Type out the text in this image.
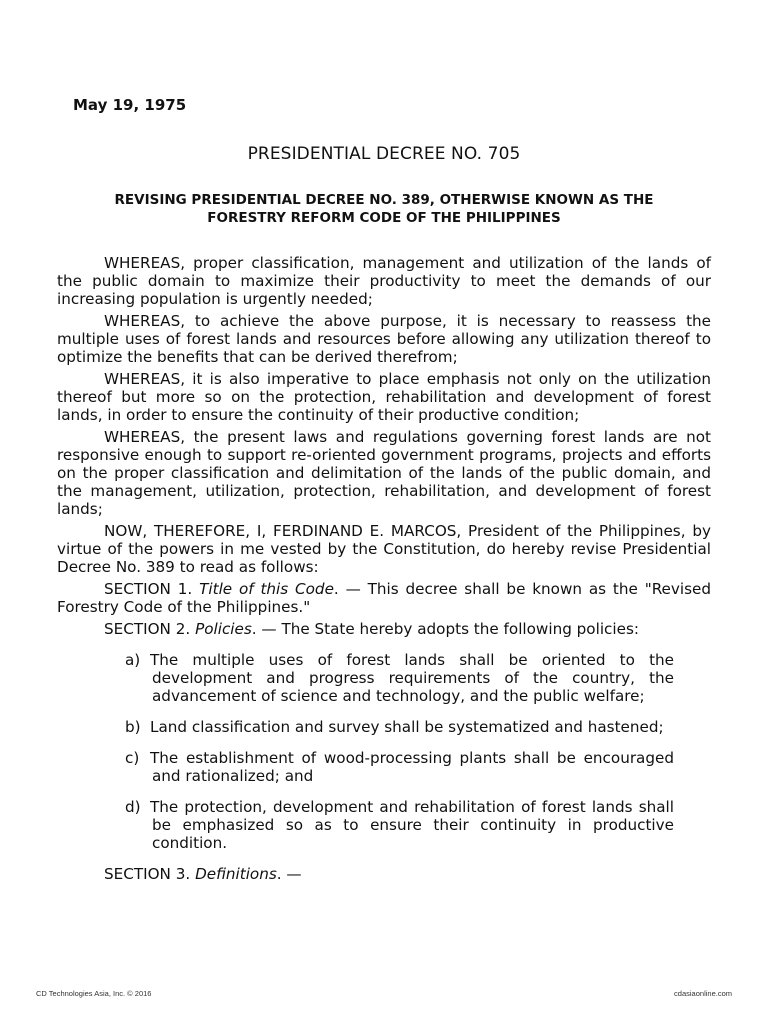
May 19, 1975
PRESIDENTIAL DECREE NO. 705
REVISING PRESIDENTIAL DECREE NO. 389, OTHERWISE KNOWN AS THE
FORESTRY REFORM CODE OF THE PHILIPPINES

WHEREAS, proper classification, management and utilization of the lands of the public domain to maximize their productivity to meet the demands of our increasing population is urgently needed;

WHEREAS, to achieve the above purpose, it is necessary to reassess the multiple uses of forest lands and resources before allowing any utilization thereof to optimize the benefits that can be derived therefrom;

WHEREAS, it is also imperative to place emphasis not only on the utilization thereof but more so on the protection, rehabilitation and development of forest lands, in order to ensure the continuity of their productive condition;

WHEREAS, the present laws and regulations governing forest lands are not responsive enough to support re-oriented government programs, projects and efforts on the proper classification and delimitation of the lands of the public domain, and the management, utilization, protection, rehabilitation, and development of forest lands;

NOW, THEREFORE, I, FERDINAND E. MARCOS, President of the Philippines, by virtue of the powers in me vested by the Constitution, do hereby revise Presidential Decree No. 389 to read as follows:

SECTION 1. Title of this Code. — This decree shall be known as the "Revised Forestry Code of the Philippines."

SECTION 2. Policies. — The State hereby adopts the following policies:

a) The multiple uses of forest lands shall be oriented to the development and progress requirements of the country, the advancement of science and technology, and the public welfare;
b) Land classification and survey shall be systematized and hastened;
c) The establishment of wood-processing plants shall be encouraged and rationalized; and
d) The protection, development and rehabilitation of forest lands shall be emphasized so as to ensure their continuity in productive condition.

SECTION 3. Definitions. —

CD Technologies Asia, Inc. © 2016	cdasiaonline.com
